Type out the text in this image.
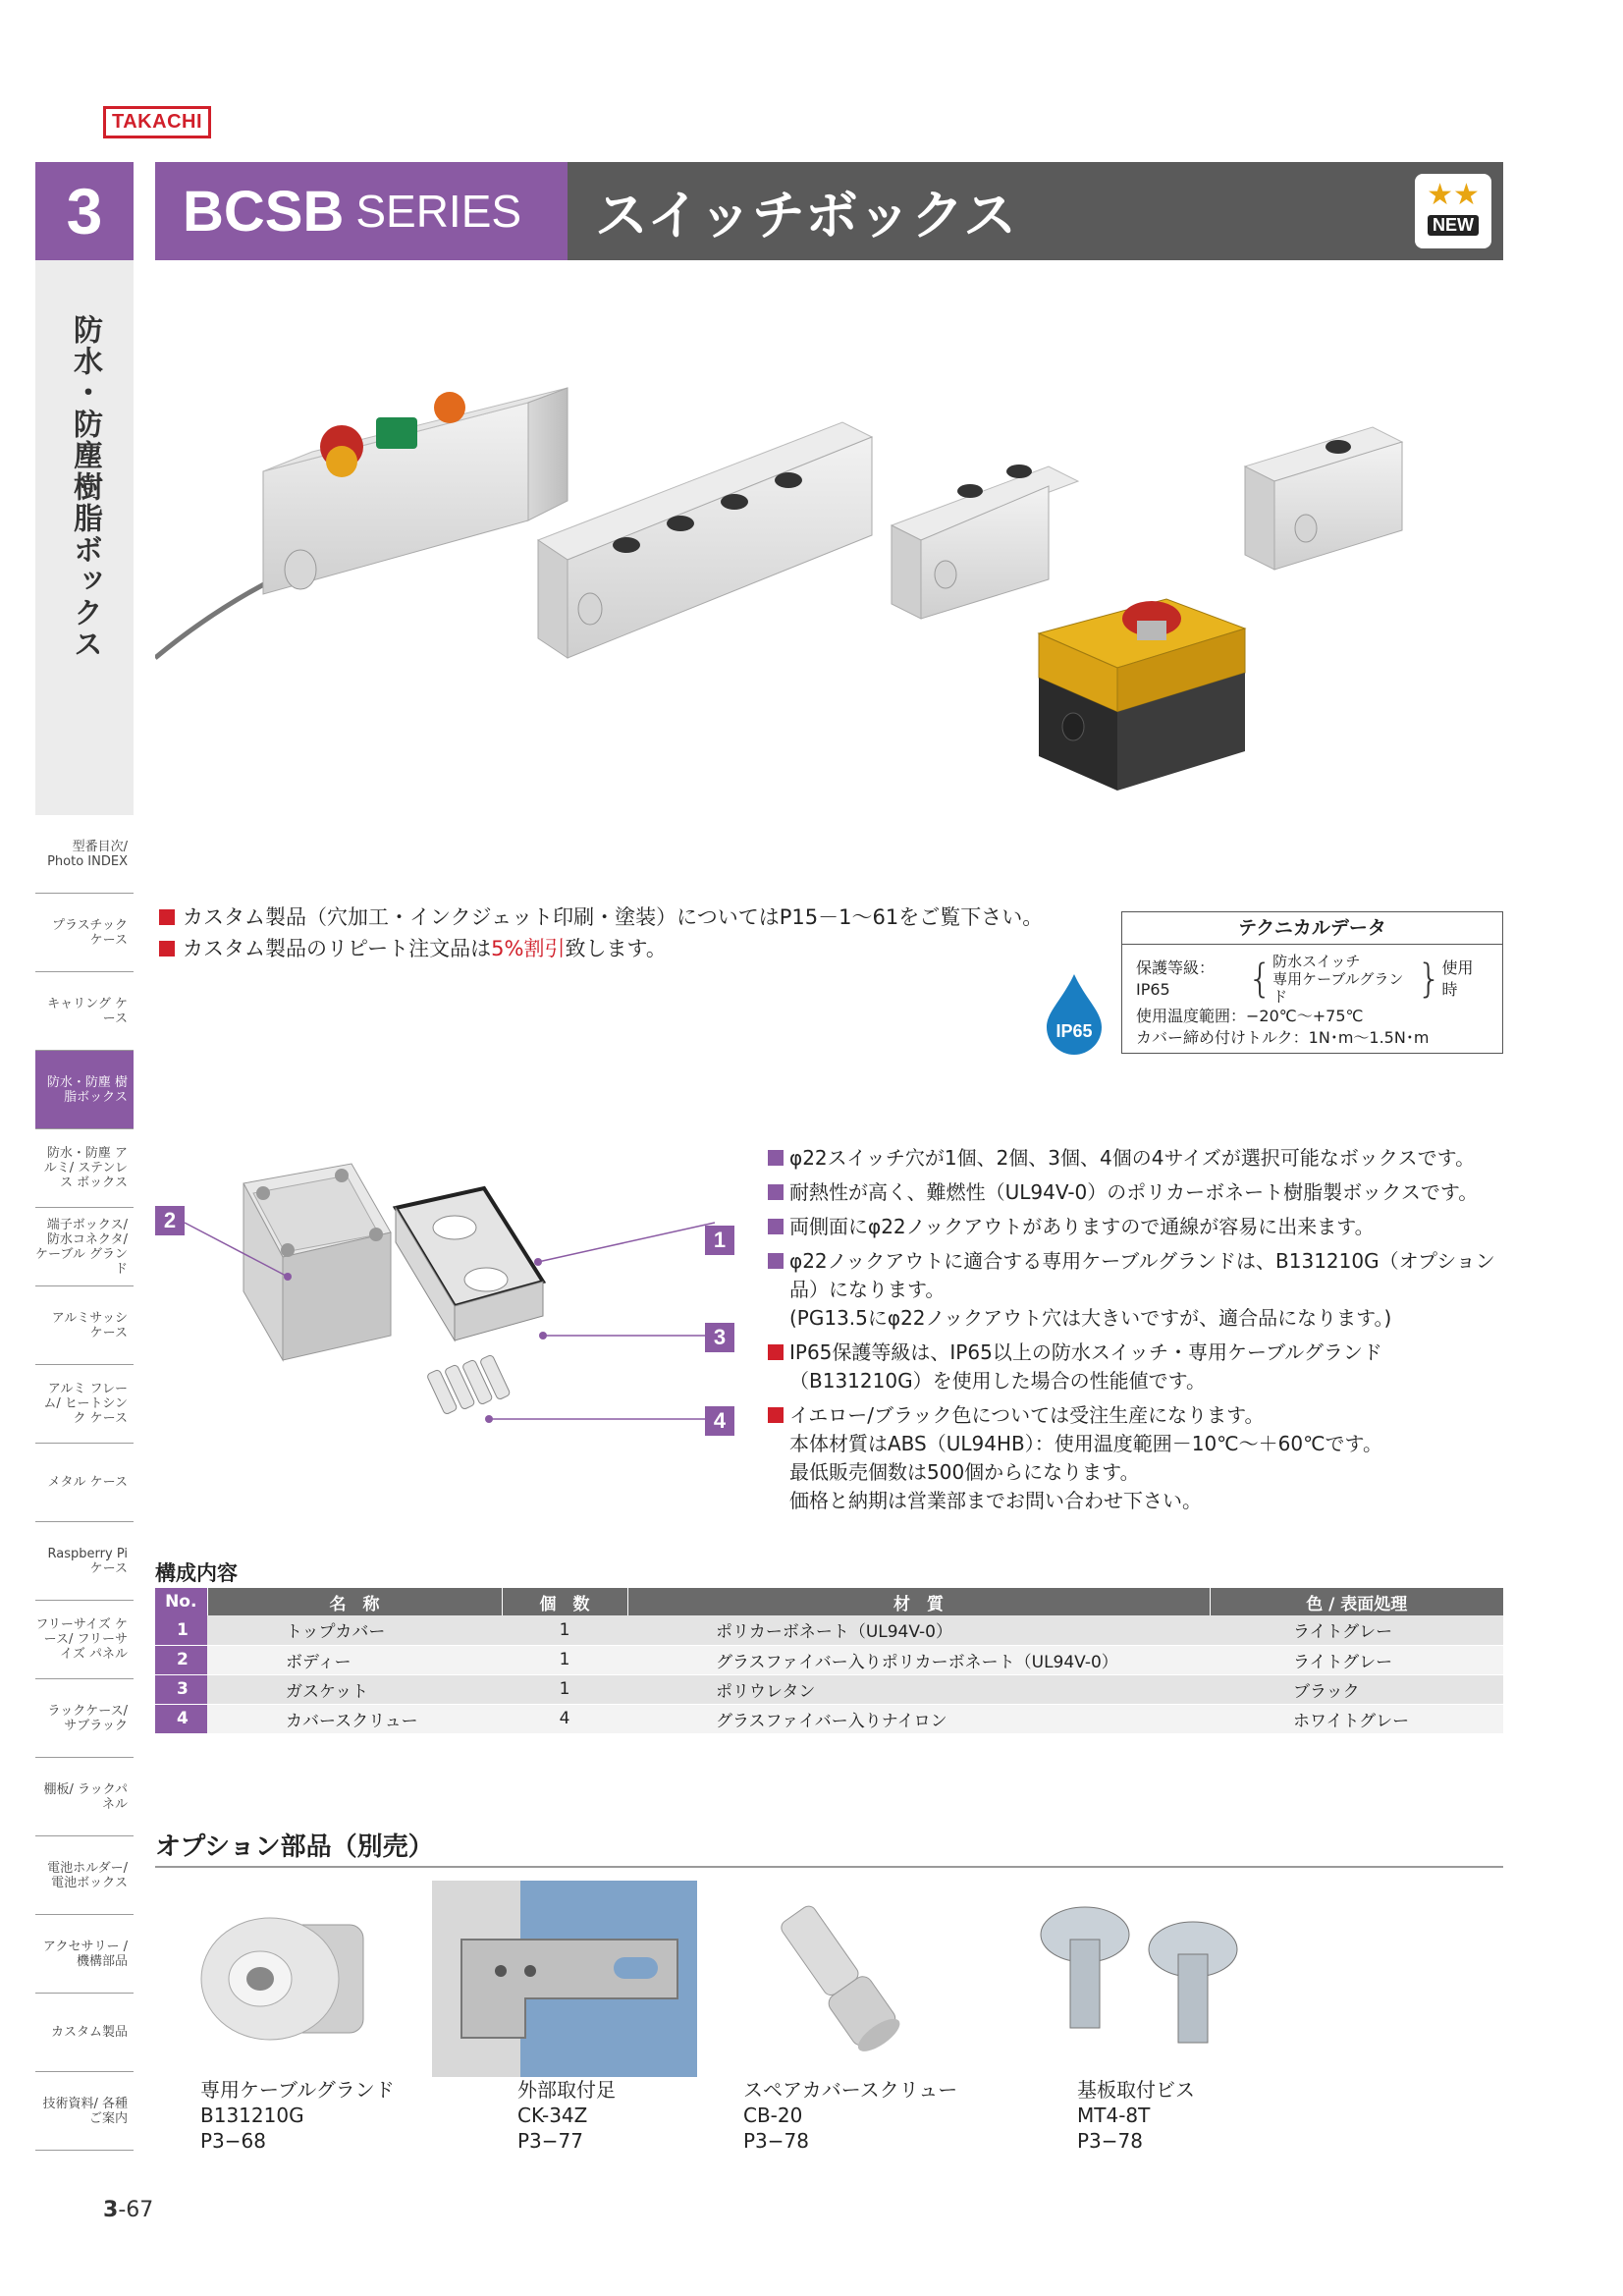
TAKACHI
3
防水・防塵樹脂ボックス
BCSB SERIES スイッチボックス	★★
NEW
型番目次/ Photo INDEX
プラスチック ケース
キャリング ケース
防水・防塵 樹脂ボックス
防水・防塵 アルミ/ ステンレス ボックス
端子ボックス/ 防水コネクタ/ ケーブル グランド
アルミサッシ ケース
アルミ フレーム/ ヒートシンク ケース
メタル ケース
Raspberry Piケース
フリーサイズ ケース/ フリーサイズ パネル
ラックケース/ サブラック
棚板/ ラックパネル
電池ホルダー/ 電池ボックス
アクセサリー /機構部品
カスタム製品
技術資料/ 各種ご案内
カスタム製品（穴加工・インクジェット印刷・塗装）についてはP15－1～61をご覧下さい。
カスタム製品のリピート注文品は5%割引致します。
IP65
テクニカルデータ
保護等級：IP65	{ 防水スイッチ
専用ケーブルグランド	} 使用時
使用温度範囲：−20℃～+75℃
カバー締め付けトルク：1N･m～1.5N･m
2
1
3
4
φ22スイッチ穴が1個、2個、3個、4個の4サイズが選択可能なボックスです。
耐熱性が高く、難燃性（UL94V-0）のポリカーボネート樹脂製ボックスです。
両側面にφ22ノックアウトがありますので通線が容易に出来ます。
φ22ノックアウトに適合する専用ケーブルグランドは、B131210G（オプション品）になります。
(PG13.5にφ22ノックアウト穴は大きいですが、適合品になります。)
IP65保護等級は、IP65以上の防水スイッチ・専用ケーブルグランド（B131210G）を使用した場合の性能値です。
イエロー/ブラック色については受注生産になります。
本体材質はABS（UL94HB）：使用温度範囲－10℃～＋60℃です。
最低販売個数は500個からになります。
価格と納期は営業部までお問い合わせ下さい。
構成内容
No.	名　称	個　数	材　質	色 / 表面処理
1	トップカバー	1	ポリカーボネート（UL94V-0）	ライトグレー
2	ボディー	1	グラスファイバー入りポリカーボネート（UL94V-0）	ライトグレー
3	ガスケット	1	ポリウレタン	ブラック
4	カバースクリュー	4	グラスファイバー入りナイロン	ホワイトグレー
オプション部品（別売）
専用ケーブルグランド
B131210G
P3−68
外部取付足
CK-34Z
P3−77
スペアカバースクリュー
CB-20
P3−78
基板取付ビス
MT4-8T
P3−78
3-67
